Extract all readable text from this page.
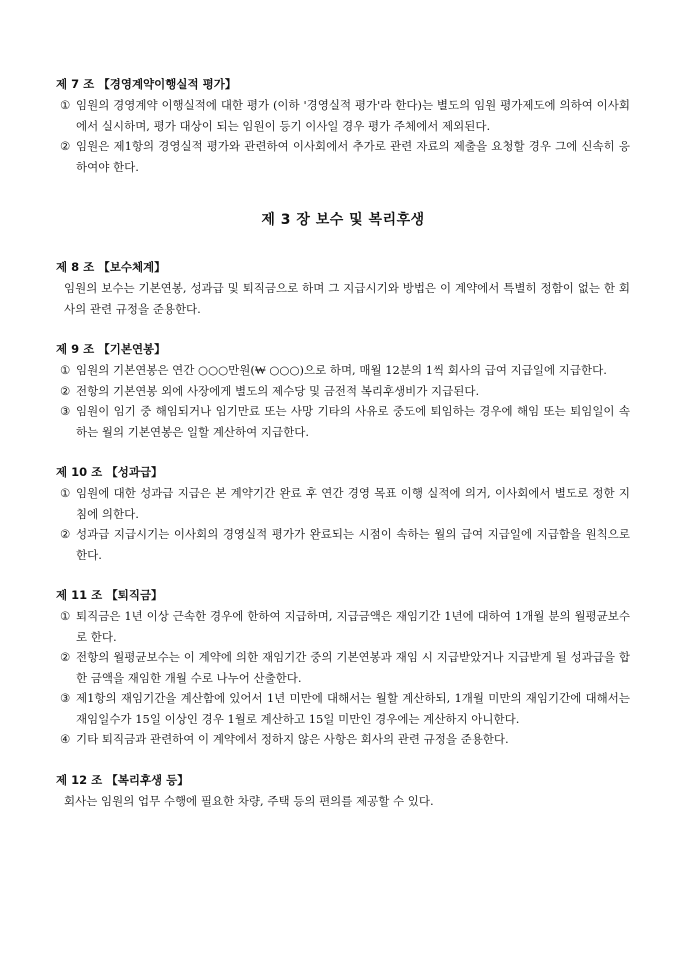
제 7 조 【경영계약이행실적 평가】
① 임원의 경영계약 이행실적에 대한 평가 (이하 '경영실적 평가'라 한다)는 별도의 임원 평가제도에 의하여 이사회에서 실시하며, 평가 대상이 되는 임원이 등기 이사일 경우 평가 주체에서 제외된다.
② 임원은 제1항의 경영실적 평가와 관련하여 이사회에서 추가로 관련 자료의 제출을 요청할 경우 그에 신속히 응하여야 한다.
제 3 장 보수 및 복리후생
제 8 조 【보수체계】
임원의 보수는 기본연봉, 성과급 및 퇴직금으로 하며 그 지급시기와 방법은 이 계약에서 특별히 정함이 없는 한 회사의 관련 규정을 준용한다.
제 9 조 【기본연봉】
① 임원의 기본연봉은 연간 ○○○만원(₩ ○○○)으로 하며, 매월 12분의 1씩 회사의 급여 지급일에 지급한다.
② 전항의 기본연봉 외에 사장에게 별도의 제수당 및 금전적 복리후생비가 지급된다.
③ 임원이 임기 중 해임되거나 임기만료 또는 사망 기타의 사유로 중도에 퇴임하는 경우에 해임 또는 퇴임일이 속하는 월의 기본연봉은 일할 계산하여 지급한다.
제 10 조 【성과급】
① 임원에 대한 성과급 지급은 본 계약기간 완료 후 연간 경영 목표 이행 실적에 의거, 이사회에서 별도로 정한 지침에 의한다.
② 성과급 지급시기는 이사회의 경영실적 평가가 완료되는 시점이 속하는 월의 급여 지급일에 지급함을 원칙으로 한다.
제 11 조 【퇴직금】
① 퇴직금은 1년 이상 근속한 경우에 한하여 지급하며, 지급금액은 재임기간 1년에 대하여 1개월 분의 월평균보수로 한다.
② 전항의 월평균보수는 이 계약에 의한 재임기간 중의 기본연봉과 재임 시 지급받았거나 지급받게 될 성과급을 합한 금액을 재임한 개월 수로 나누어 산출한다.
③ 제1항의 재임기간을 계산함에 있어서 1년 미만에 대해서는 월할 계산하되, 1개월 미만의 재임기간에 대해서는 재임일수가 15일 이상인 경우 1월로 계산하고 15일 미만인 경우에는 계산하지 아니한다.
④ 기타 퇴직금과 관련하여 이 계약에서 정하지 않은 사항은 회사의 관련 규정을 준용한다.
제 12 조 【복리후생 등】
회사는 임원의 업무 수행에 필요한 차량, 주택 등의 편의를 제공할 수 있다.
